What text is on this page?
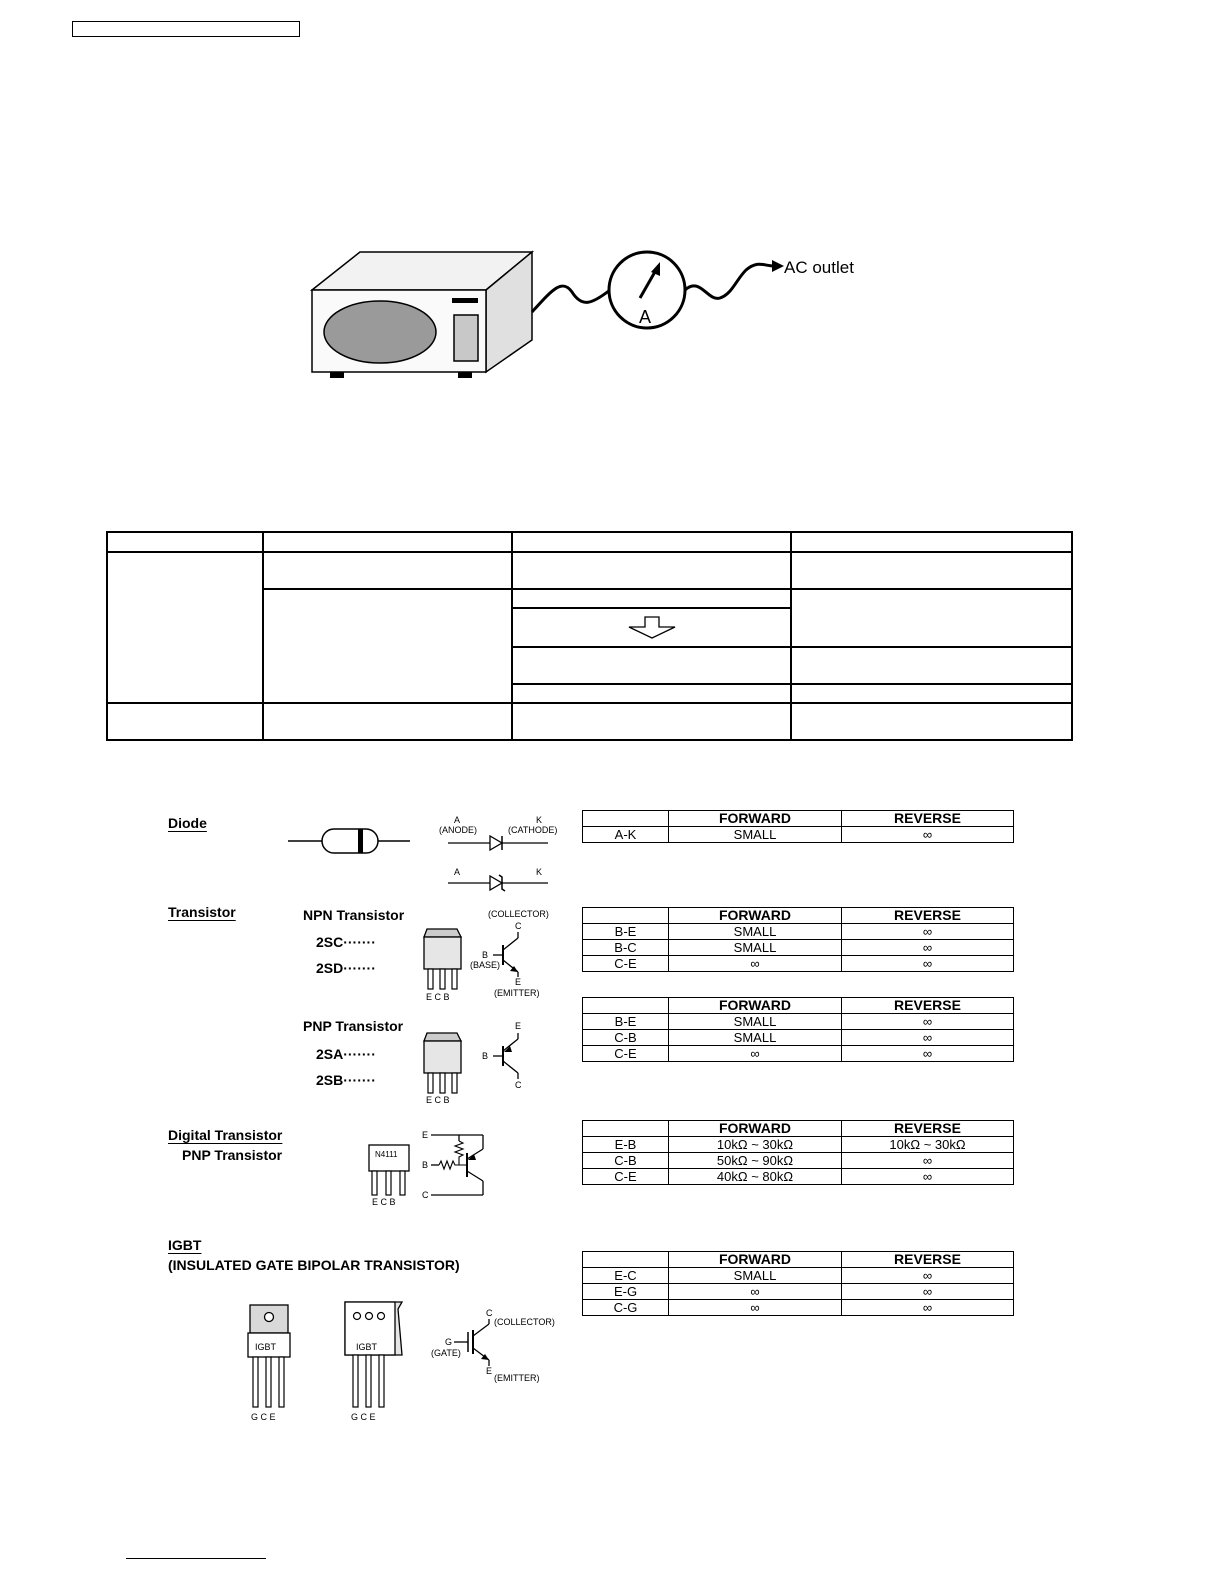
A
AC outlet

Diode
Transistor	NPN Transistor
2SC·······
2SD·······
PNP Transistor
2SA·······
2SB·······
Digital Transistor
PNP Transistor
IGBT
(INSULATED GATE BIPOLAR TRANSISTOR)
A
(ANODE)
K
(CATHODE)
A	K
E C B
(COLLECTOR)
C
B
(BASE)
E
(EMITTER)
E C B
E
B
C
N4111
E C B
E
B
C
IGBT
G C E
IGBT
G C E
C
(COLLECTOR)
G
(GATE)
E
(EMITTER)
	FORWARD	REVERSE
A-K	SMALL	∞
	FORWARD	REVERSE
B-E	SMALL	∞
B-C	SMALL	∞
C-E	∞	∞
	FORWARD	REVERSE
B-E	SMALL	∞
C-B	SMALL	∞
C-E	∞	∞
	FORWARD	REVERSE
E-B	10kΩ ~ 30kΩ	10kΩ ~ 30kΩ
C-B	50kΩ ~ 90kΩ	∞
C-E	40kΩ ~ 80kΩ	∞
	FORWARD	REVERSE
E-C	SMALL	∞
E-G	∞	∞
C-G	∞	∞
